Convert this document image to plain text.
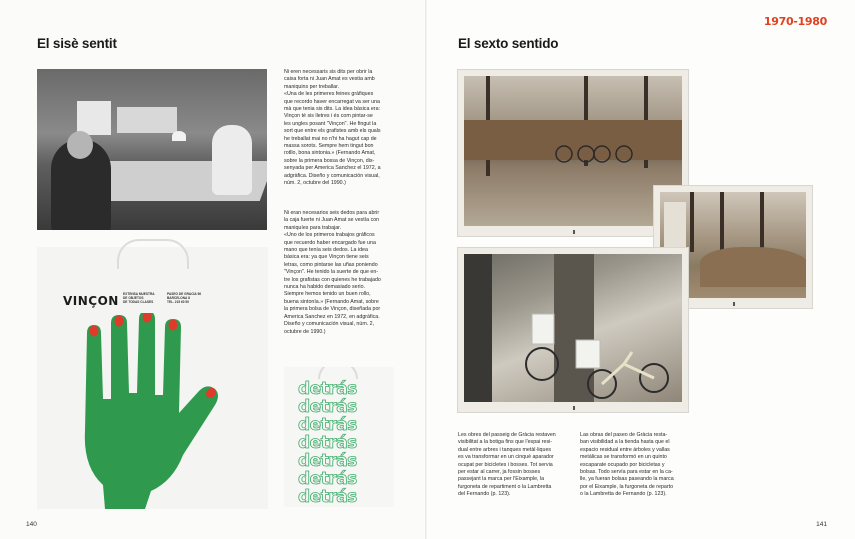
El sisè sentit
Ni eren necessaris sis dits per obrir la
caixa forta ni Juan Amat es vestia amb
maniquins per treballar.
«Una de les primeres feines gràfiques
que recordo haver encarregat va ser una
mà que tenia sis dits. La idea bàsica era:
Vinçon té sis lletres i és com pintar-se
les ungles posant "Vinçon". He fingut la
sort que entre els grafistes amb els quals
he treballat mai no n'hi ha hagut cap de
massa sorots. Sempre hem tingut bon
rotllo, bona sintonia.» (Fernando Amat,
sobre la primera bossa de Vinçon, dis-
senyada per America Sanchez el 1972, a
adgràfica. Diseño y comunicación visual,
núm. 2, octubre del 1990.)
Ni eran necesarios seis dedos para abrir
la caja fuerte ni Juan Amat se vestía con
maniquíes para trabajar.
«Uno de los primeros trabajos gráficos
que recuerdo haber encargado fue una
mano que tenía seis dedos. La idea
básica era: ya que Vinçon tiene seis
letras, como pintarse las uñas poniendo
"Vinçon". He tenido la suerte de que en-
tre los grafistas con quienes he trabajado
nunca ha habido demasiado serio.
Siempre hemos tenido un buen rollo,
buena sintonía.» (Fernando Amat, sobre
la primera bolsa de Vinçon, diseñada por
America Sanchez en 1972, en adgráfica.
Diseño y comunicación visual, núm. 2,
octubre de 1990.)
VINÇON EXTENSA MUESTRA
DE OBJETOS
DE TODAS CLASES
PASEO DE GRACIA 96
BARCELONA 8
TEL. 215 60 50
detrás
detrás
detrás
detrás
detrás
detrás
detrás
140
1970-1980
El sexto sentido
Les obres del passeig de Gràcia restaven
visibilitat a la botiga fins que l'espai resi-
dual entre arbres i tanques metàl·liques
es va transformar en un cinquè aparador
ocupat per bicicletes i bosses. Tot servia
per estar al carrer, ja fossin bosses
passejant la marca per l'Eixample, la
furgoneta de repartiment o la Lambretta
del Fernando (p. 123).
Las obras del paseo de Gràcia resta-
ban visibilidad a la tienda hasta que el
espacio residual entre árboles y vallas
metálicas se transformó en un quinto
escaparate ocupado por bicicletas y
bolsas. Todo servía para estar en la ca-
lle, ya fueran bolsas paseando la marca
por el Eixample, la furgoneta de reparto
o la Lambretta de Fernando (p. 123).
141
